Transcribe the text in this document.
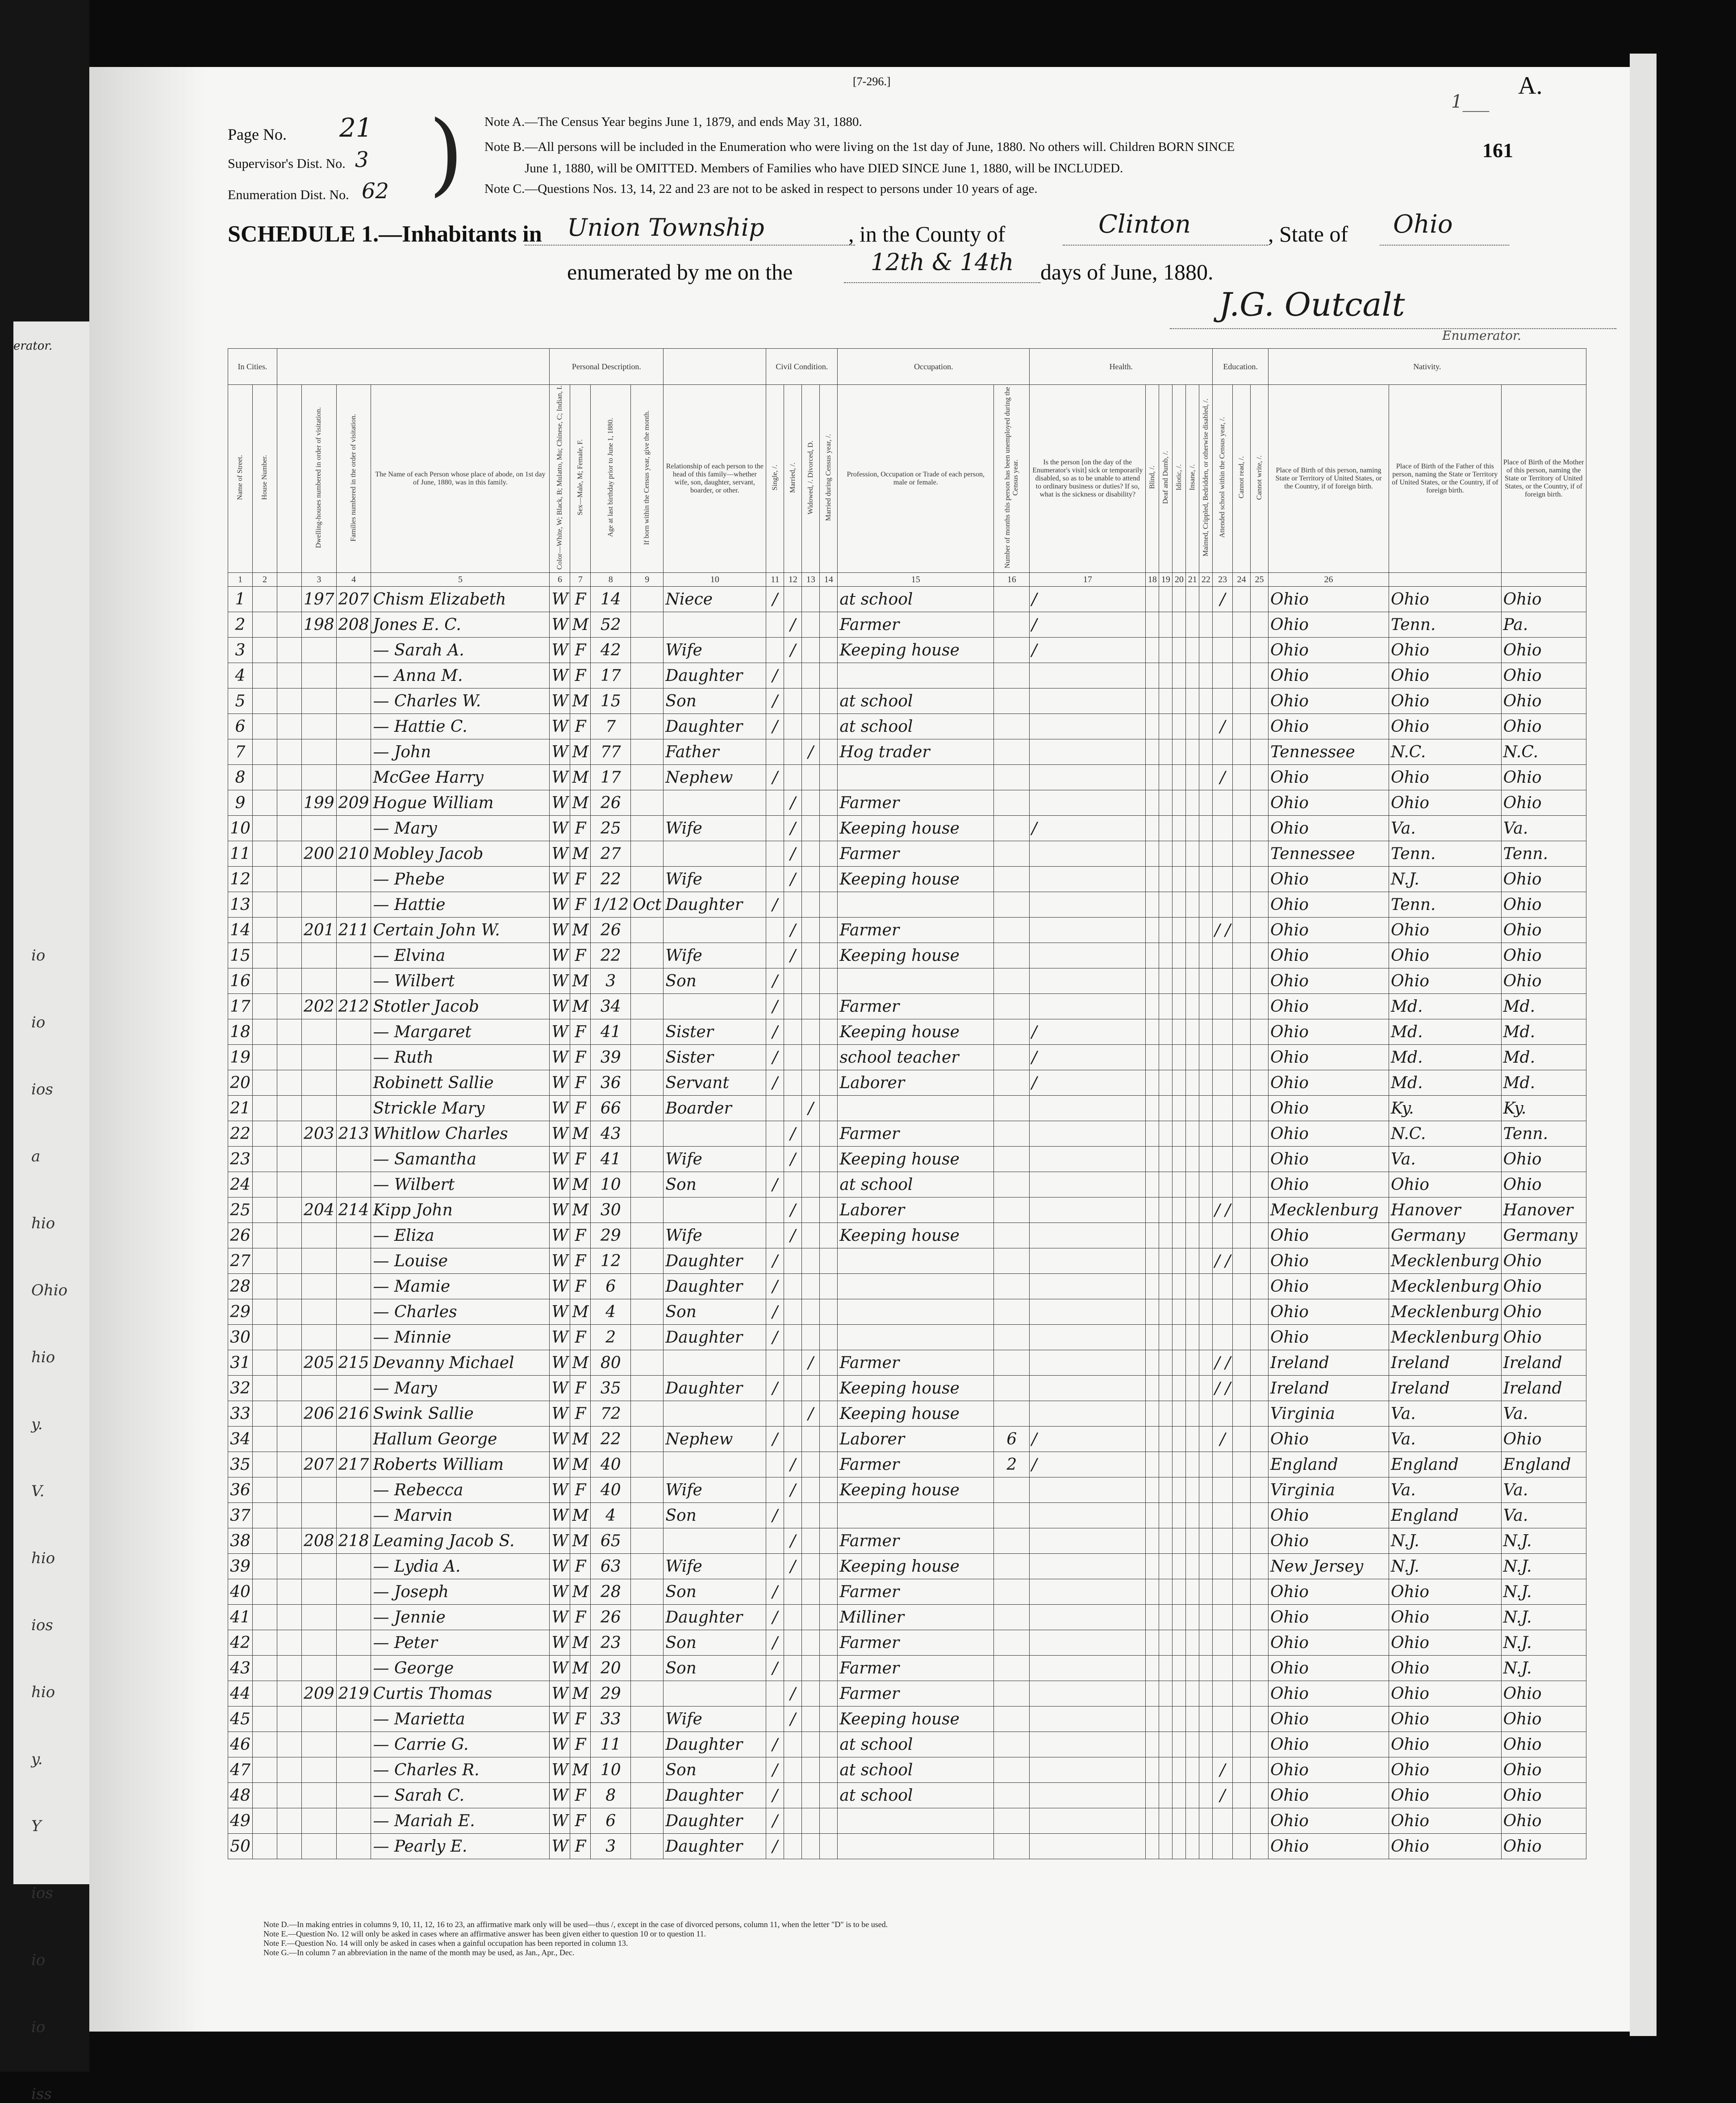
erator.
io
io
ios
a
hio
Ohio
hio
y.
V.
hio
ios
hio
y.
Y
ios
io
io
iss
[7-296.]	A.
1___
161
Page No. 21
Supervisor's Dist. No. 3
Enumeration Dist. No. 62 ) Note A.—The Census Year begins June 1, 1879, and ends May 31, 1880.
Note B.—All persons will be included in the Enumeration who were living on the 1st day of June, 1880. No others will. Children BORN SINCE
June 1, 1880, will be OMITTED. Members of Families who have DIED SINCE June 1, 1880, will be INCLUDED.
Note C.—Questions Nos. 13, 14, 22 and 23 are not to be asked in respect to persons under 10 years of age.
SCHEDULE 1.—Inhabitants in Union Township	, in the County of	Clinton	, State of Ohio
enumerated by me on the	12th & 14th days of June, 1880.
J.G. Outcalt
Enumerator.
In Cities.						Personal Description.					Civil Condition.				Occupation.		Health.						Education.			Nativity.		
Name of Street.	House Number.		Dwelling-houses numbered in order of visitation.	Families numbered in the order of visitation.	The Name of each Person whose place of abode, on 1st day of June, 1880, was in this family.	Color—White, W; Black, B; Mulatto, Mu; Chinese, C; Indian, I.	Sex—Male, M; Female, F.	Age at last birthday prior to June 1, 1880.	If born within the Census year, give the month.	Relationship of each person to the head of this family—whether wife, son, daughter, servant, boarder, or other.	Single, /.	Married, /.	Widowed, /. Divorced, D.	Married during Census year, /.	Profession, Occupation or Trade of each person, male or female.	Number of months this person has been unemployed during the Census year.	Is the person [on the day of the Enumerator's visit] sick or temporarily disabled, so as to be unable to attend to ordinary business or duties? If so, what is the sickness or disability?	Blind, /.	Deaf and Dumb, /.	Idiotic, /.	Insane, /.	Maimed, Crippled, Bedridden, or otherwise disabled, /.	Attended school within the Census year, /.	Cannot read, /.	Cannot write, /.	Place of Birth of this person, naming State or Territory of United States, or the Country, if of foreign birth.	Place of Birth of the Father of this person, naming the State or Territory of United States, or the Country, if of foreign birth.	Place of Birth of the Mother of this person, naming the State or Territory of United States, or the Country, if of foreign birth.
1	2		3	4	5	6	7	8	9	10	11	12	13	14	15	16	17	18	19	20	21	22	23	24	25	26		
1			197	207	Chism Elizabeth	W	F	14		Niece	/				at school		/						/			Ohio	Ohio	Ohio
2			198	208	Jones E. C.	W	M	52				/			Farmer		/									Ohio	Tenn.	Pa.
3					— Sarah A.	W	F	42		Wife		/			Keeping house		/									Ohio	Ohio	Ohio
4					— Anna M.	W	F	17		Daughter	/															Ohio	Ohio	Ohio
5					— Charles W.	W	M	15		Son	/				at school											Ohio	Ohio	Ohio
6					— Hattie C.	W	F	7		Daughter	/				at school								/			Ohio	Ohio	Ohio
7					— John	W	M	77		Father			/		Hog trader											Tennessee	N.C.	N.C.
8					McGee Harry	W	M	17		Nephew	/												/			Ohio	Ohio	Ohio
9			199	209	Hogue William	W	M	26				/			Farmer											Ohio	Ohio	Ohio
10					— Mary	W	F	25		Wife		/			Keeping house		/									Ohio	Va.	Va.
11			200	210	Mobley Jacob	W	M	27				/			Farmer											Tennessee	Tenn.	Tenn.
12					— Phebe	W	F	22		Wife		/			Keeping house											Ohio	N.J.	Ohio
13					— Hattie	W	F	1/12	Oct	Daughter	/															Ohio	Tenn.	Ohio
14			201	211	Certain John W.	W	M	26				/			Farmer								/ /			Ohio	Ohio	Ohio
15					— Elvina	W	F	22		Wife		/			Keeping house											Ohio	Ohio	Ohio
16					— Wilbert	W	M	3		Son	/															Ohio	Ohio	Ohio
17			202	212	Stotler Jacob	W	M	34			/				Farmer											Ohio	Md.	Md.
18					— Margaret	W	F	41		Sister	/				Keeping house		/									Ohio	Md.	Md.
19					— Ruth	W	F	39		Sister	/				school teacher		/									Ohio	Md.	Md.
20					Robinett Sallie	W	F	36		Servant	/				Laborer		/									Ohio	Md.	Md.
21					Strickle Mary	W	F	66		Boarder			/													Ohio	Ky.	Ky.
22			203	213	Whitlow Charles	W	M	43				/			Farmer											Ohio	N.C.	Tenn.
23					— Samantha	W	F	41		Wife		/			Keeping house											Ohio	Va.	Ohio
24					— Wilbert	W	M	10		Son	/				at school											Ohio	Ohio	Ohio
25			204	214	Kipp John	W	M	30				/			Laborer								/ /			Mecklenburg	Hanover	Hanover
26					— Eliza	W	F	29		Wife		/			Keeping house											Ohio	Germany	Germany
27					— Louise	W	F	12		Daughter	/												/ /			Ohio	Mecklenburg	Ohio
28					— Mamie	W	F	6		Daughter	/															Ohio	Mecklenburg	Ohio
29					— Charles	W	M	4		Son	/															Ohio	Mecklenburg	Ohio
30					— Minnie	W	F	2		Daughter	/															Ohio	Mecklenburg	Ohio
31			205	215	Devanny Michael	W	M	80					/		Farmer								/ /			Ireland	Ireland	Ireland
32					— Mary	W	F	35		Daughter	/				Keeping house								/ /			Ireland	Ireland	Ireland
33			206	216	Swink Sallie	W	F	72					/		Keeping house											Virginia	Va.	Va.
34					Hallum George	W	M	22		Nephew	/				Laborer	6	/						/			Ohio	Va.	Ohio
35			207	217	Roberts William	W	M	40				/			Farmer	2	/									England	England	England
36					— Rebecca	W	F	40		Wife		/			Keeping house											Virginia	Va.	Va.
37					— Marvin	W	M	4		Son	/															Ohio	England	Va.
38			208	218	Leaming Jacob S.	W	M	65				/			Farmer											Ohio	N.J.	N.J.
39					— Lydia A.	W	F	63		Wife		/			Keeping house											New Jersey	N.J.	N.J.
40					— Joseph	W	M	28		Son	/				Farmer											Ohio	Ohio	N.J.
41					— Jennie	W	F	26		Daughter	/				Milliner											Ohio	Ohio	N.J.
42					— Peter	W	M	23		Son	/				Farmer											Ohio	Ohio	N.J.
43					— George	W	M	20		Son	/				Farmer											Ohio	Ohio	N.J.
44			209	219	Curtis Thomas	W	M	29				/			Farmer											Ohio	Ohio	Ohio
45					— Marietta	W	F	33		Wife		/			Keeping house											Ohio	Ohio	Ohio
46					— Carrie G.	W	F	11		Daughter	/				at school											Ohio	Ohio	Ohio
47					— Charles R.	W	M	10		Son	/				at school								/			Ohio	Ohio	Ohio
48					— Sarah C.	W	F	8		Daughter	/				at school								/			Ohio	Ohio	Ohio
49					— Mariah E.	W	F	6		Daughter	/															Ohio	Ohio	Ohio
50					— Pearly E.	W	F	3		Daughter	/															Ohio	Ohio	Ohio
Note D.—In making entries in columns 9, 10, 11, 12, 16 to 23, an affirmative mark only will be used—thus /, except in the case of divorced persons, column 11, when the letter "D" is to be used.
Note E.—Question No. 12 will only be asked in cases where an affirmative answer has been given either to question 10 or to question 11.
Note F.—Question No. 14 will only be asked in cases when a gainful occupation has been reported in column 13.
Note G.—In column 7 an abbreviation in the name of the month may be used, as Jan., Apr., Dec.
